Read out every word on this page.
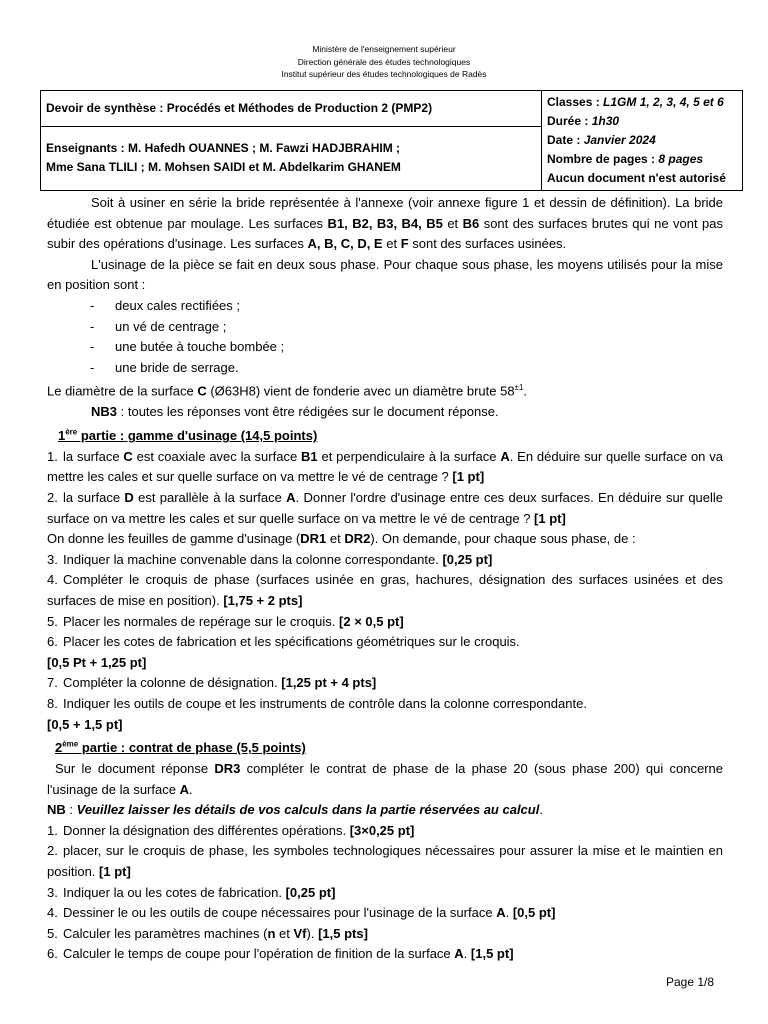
Ministère de l'enseignement supérieur
Direction générale des études technologiques
Institut supérieur des études technologiques de Radès
Devoir de synthèse : Procédés et Méthodes de Production 2 (PMP2)	Classes : L1GM 1, 2, 3, 4, 5 et 6
Durée : 1h30
Date : Janvier 2024
Nombre de pages : 8 pages
Aucun document n'est autorisé

Enseignants : M. Hafedh OUANNES ; M. Fawzi HADJBRAHIM ;
Mme Sana TLILI ; M. Mohsen SAIDI et M. Abdelkarim GHANEM

Soit à usiner en série la bride représentée à l'annexe (voir annexe figure 1 et dessin de définition). La bride étudiée est obtenue par moulage. Les surfaces B1, B2, B3, B4, B5 et B6 sont des surfaces brutes qui ne vont pas subir des opérations d'usinage. Les surfaces A, B, C, D, E et F sont des surfaces usinées.

L'usinage de la pièce se fait en deux sous phase. Pour chaque sous phase, les moyens utilisés pour la mise en position sont :

- deux cales rectifiées ;

- un vé de centrage ;

- une butée à touche bombée ;

- une bride de serrage.

Le diamètre de la surface C (Ø63H8) vient de fonderie avec un diamètre brute $58^{\pm 1}$.

NB3 : toutes les réponses vont être rédigées sur le document réponse.

1ère partie : gamme d'usinage (14,5 points)

1. la surface C est coaxiale avec la surface B1 et perpendiculaire à la surface A. En déduire sur quelle surface on va mettre les cales et sur quelle surface on va mettre le vé de centrage ? [1 pt]

2. la surface D est parallèle à la surface A. Donner l'ordre d'usinage entre ces deux surfaces. En déduire sur quelle surface on va mettre les cales et sur quelle surface on va mettre le vé de centrage ? [1 pt]

On donne les feuilles de gamme d'usinage (DR1 et DR2). On demande, pour chaque sous phase, de :

3. Indiquer la machine convenable dans la colonne correspondante. [0,25 pt]

4. Compléter le croquis de phase (surfaces usinée en gras, hachures, désignation des surfaces usinées et des surfaces de mise en position). [1,75 + 2 pts]

5. Placer les normales de repérage sur le croquis. [2 × 0,5 pt]

6. Placer les cotes de fabrication et les spécifications géométriques sur le croquis.

[0,5 Pt + 1,25 pt]

7. Compléter la colonne de désignation. [1,25 pt + 4 pts]

8. Indiquer les outils de coupe et les instruments de contrôle dans la colonne correspondante.

[0,5 + 1,5 pt]

2ème partie : contrat de phase (5,5 points)

Sur le document réponse DR3 compléter le contrat de phase de la phase 20 (sous phase 200) qui concerne l'usinage de la surface A.

NB : Veuillez laisser les détails de vos calculs dans la partie réservées au calcul.

1. Donner la désignation des différentes opérations. [3×0,25 pt]

2. placer, sur le croquis de phase, les symboles technologiques nécessaires pour assurer la mise et le maintien en position. [1 pt]

3. Indiquer la ou les cotes de fabrication. [0,25 pt]

4. Dessiner le ou les outils de coupe nécessaires pour l'usinage de la surface A. [0,5 pt]

5. Calculer les paramètres machines (n et Vf). [1,5 pts]

6. Calculer le temps de coupe pour l'opération de finition de la surface A. [1,5 pt]

Page 1/8
